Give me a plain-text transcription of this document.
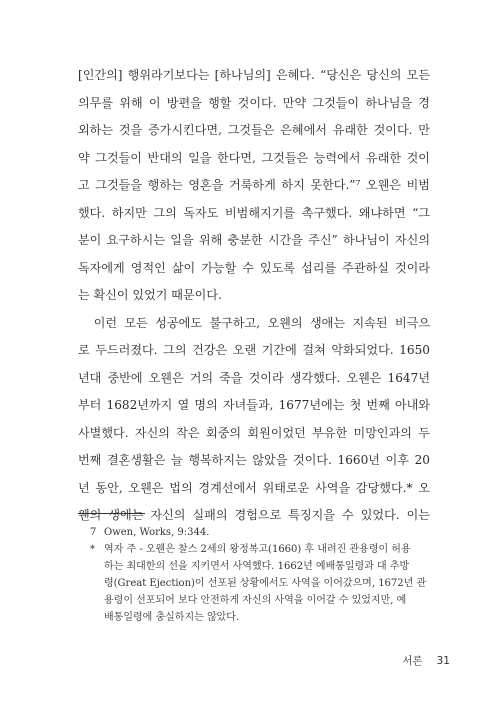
[인간의] 행위라기보다는 [하나님의] 은혜다. “당신은 당신의 모든
의무를 위해 이 방편을 행할 것이다. 만약 그것들이 하나님을 경
외하는 것을 증가시킨다면, 그것들은 은혜에서 유래한 것이다. 만
약 그것들이 반대의 일을 한다면, 그것들은 능력에서 유래한 것이
고 그것들을 행하는 영혼을 거룩하게 하지 못한다.”⁷ 오웬은 비범
했다. 하지만 그의 독자도 비범해지기를 촉구했다. 왜냐하면 “그
분이 요구하시는 일을 위해 충분한 시간을 주신” 하나님이 자신의
독자에게 영적인 삶이 가능할 수 있도록 섭리를 주관하실 것이라
는 확신이 있었기 때문이다.
　이런 모든 성공에도 불구하고, 오웬의 생애는 지속된 비극으
로 두드러졌다. 그의 건강은 오랜 기간에 걸쳐 악화되었다. 1650
년대 중반에 오웬은 거의 죽을 것이라 생각했다. 오웬은 1647년
부터 1682년까지 열 명의 자녀들과, 1677년에는 첫 번째 아내와
사별했다. 자신의 작은 회중의 회원이었던 부유한 미망인과의 두
번째 결혼생활은 늘 행복하지는 않았을 것이다. 1660년 이후 20
년 동안, 오웬은 법의 경계선에서 위태로운 사역을 감당했다.* 오
웬의 생애는 자신의 실패의 경험으로 특징지을 수 있었다. 이는
7 Owen, Works, 9:344.
* 역자 주 - 오웬은 찰스 2세의 왕정복고(1660) 후 내려진 관용령이 허용
하는 최대한의 선을 지키면서 사역했다. 1662년 예배통일령과 대 추방
령(Great Ejection)이 선포된 상황에서도 사역을 이어갔으며, 1672년 관
용령이 선포되어 보다 안전하게 자신의 사역을 이어갈 수 있었지만, 예
배통일령에 충실하지는 않았다.
서론 31
